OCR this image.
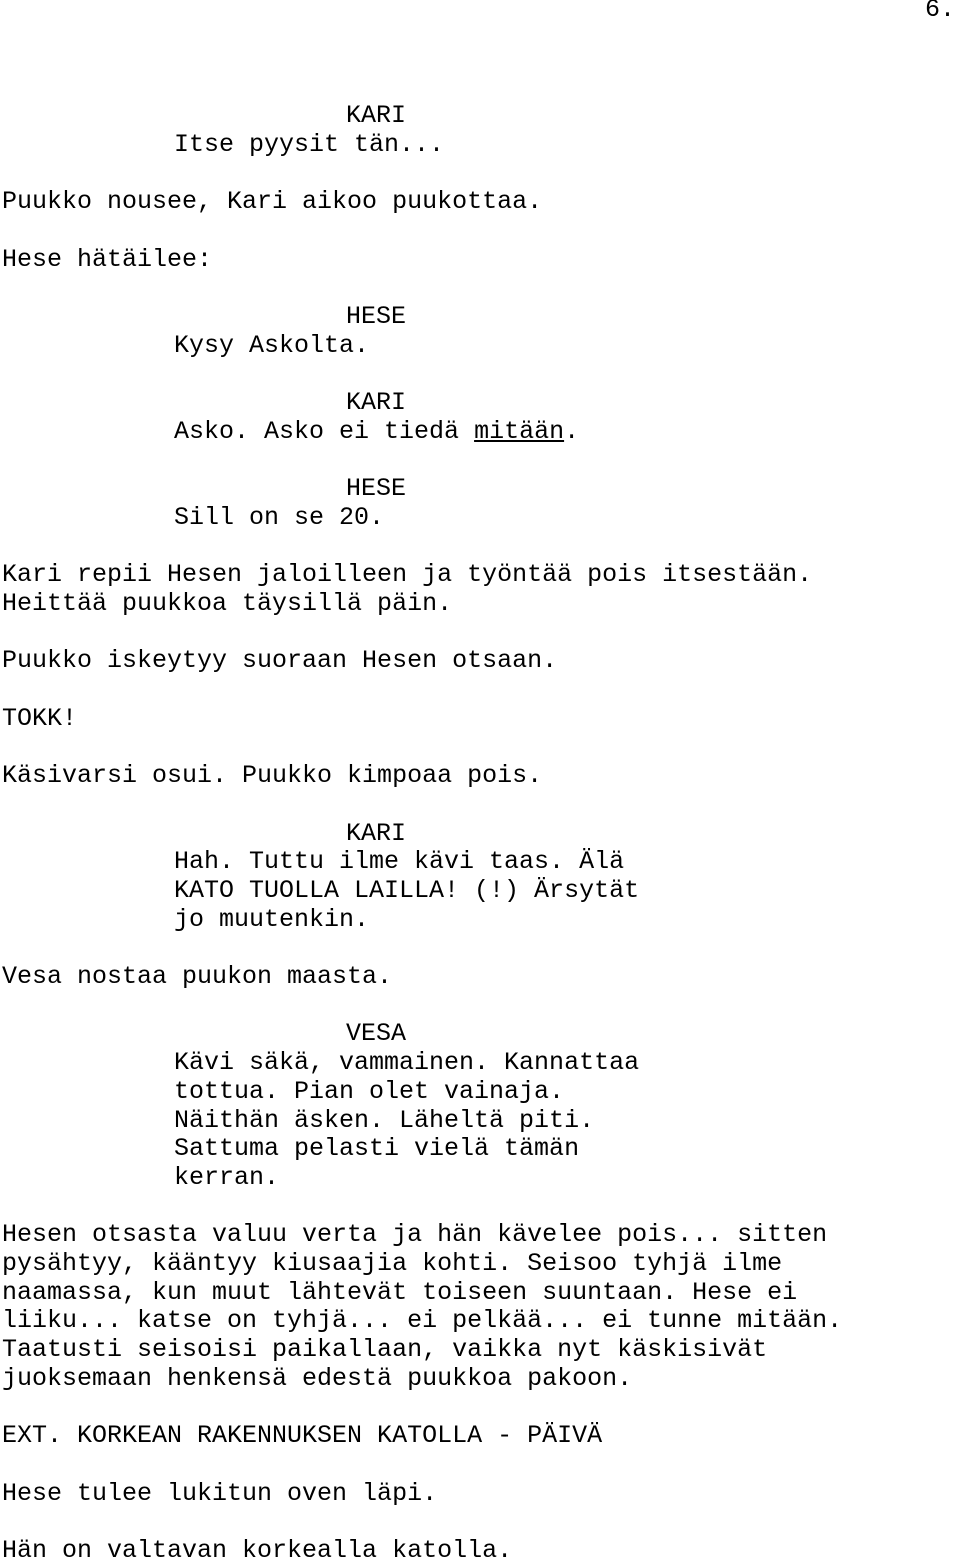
6.
KARI
Itse pyysit tän...
Puukko nousee, Kari aikoo puukottaa.
Hese hätäilee:
HESE
Kysy Askolta.
KARI
Asko. Asko ei tiedä mitään.
HESE
Sill on se 20.
Kari repii Hesen jaloilleen ja työntää pois itsestään.
Heittää puukkoa täysillä päin.
Puukko iskeytyy suoraan Hesen otsaan.
TOKK!
Käsivarsi osui. Puukko kimpoaa pois.
KARI
Hah. Tuttu ilme kävi taas. Älä
KATO TUOLLA LAILLA! (!) Ärsytät
jo muutenkin.
Vesa nostaa puukon maasta.
VESA
Kävi säkä, vammainen. Kannattaa
tottua. Pian olet vainaja.
Näithän äsken. Läheltä piti.
Sattuma pelasti vielä tämän
kerran.
Hesen otsasta valuu verta ja hän kävelee pois... sitten
pysähtyy, kääntyy kiusaajia kohti. Seisoo tyhjä ilme
naamassa, kun muut lähtevät toiseen suuntaan. Hese ei
liiku... katse on tyhjä... ei pelkää... ei tunne mitään.
Taatusti seisoisi paikallaan, vaikka nyt käskisivät
juoksemaan henkensä edestä puukkoa pakoon.
EXT. KORKEAN RAKENNUKSEN KATOLLA - PÄIVÄ
Hese tulee lukitun oven läpi.
Hän on valtavan korkealla katolla.
